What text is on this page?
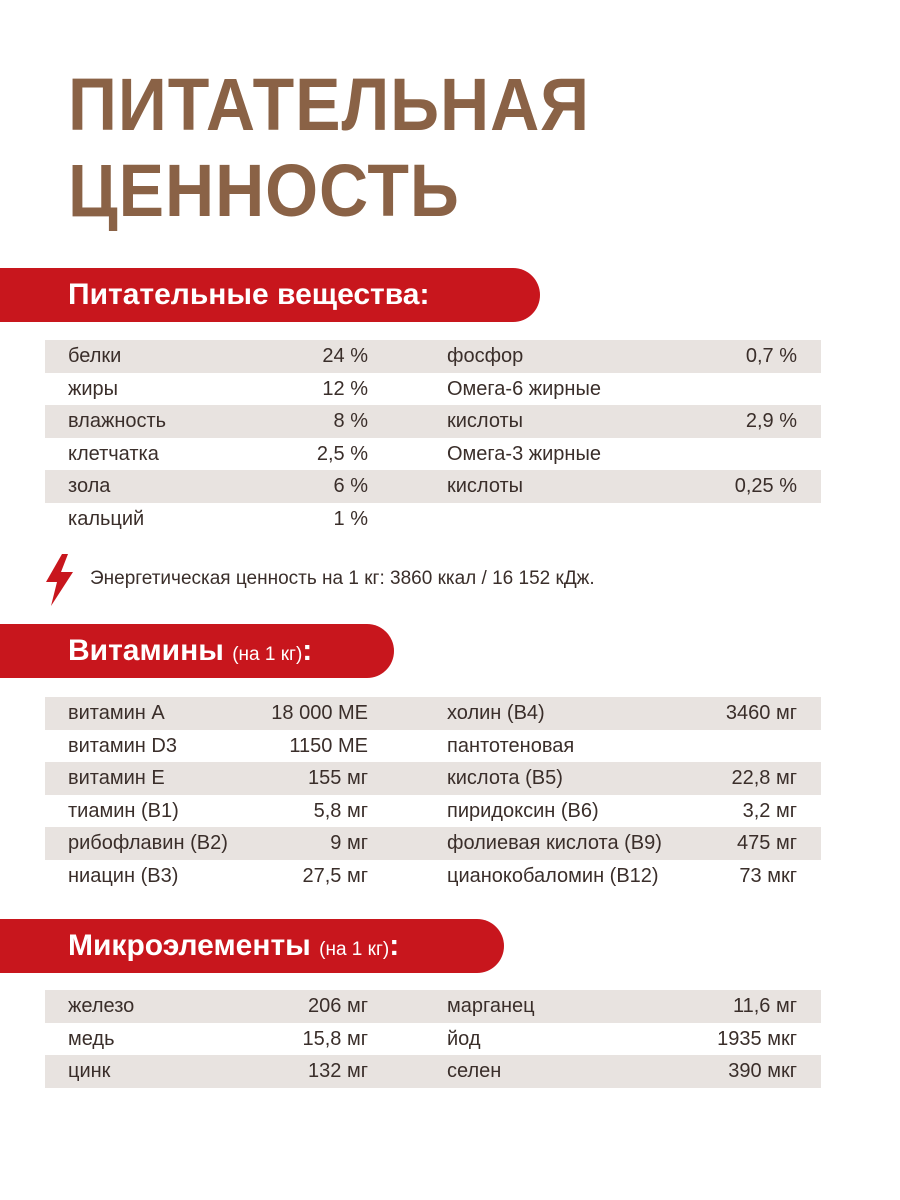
ПИТАТЕЛЬНАЯ
ЦЕННОСТЬ
Питательные вещества:
белки	24 %	фосфор	0,7 %
жиры	12 %	Омега-6 жирные
влажность	8 %	кислоты	2,9 %
клетчатка	2,5 %	Омега-3 жирные
зола	6 %	кислоты	0,25 %
кальций	1 %
Энергетическая ценность на 1 кг: 3860 ккал / 16 152 кДж.
Витамины (на 1 кг):
витамин A	18 000 МЕ	холин (B4)	3460 мг
витамин D3	1150 МЕ	пантотеновая
витамин E	155 мг	кислота (B5)	22,8 мг
тиамин (B1)	5,8 мг	пиридоксин (B6)	3,2 мг
рибофлавин (B2)	9 мг	фолиевая кислота (B9)	475 мг
ниацин (B3)	27,5 мг	цианокобаломин (B12)	73 мкг
Микроэлементы (на 1 кг):
железо	206 мг	марганец	11,6 мг
медь	15,8 мг	йод	1935 мкг
цинк	132 мг	селен	390 мкг
